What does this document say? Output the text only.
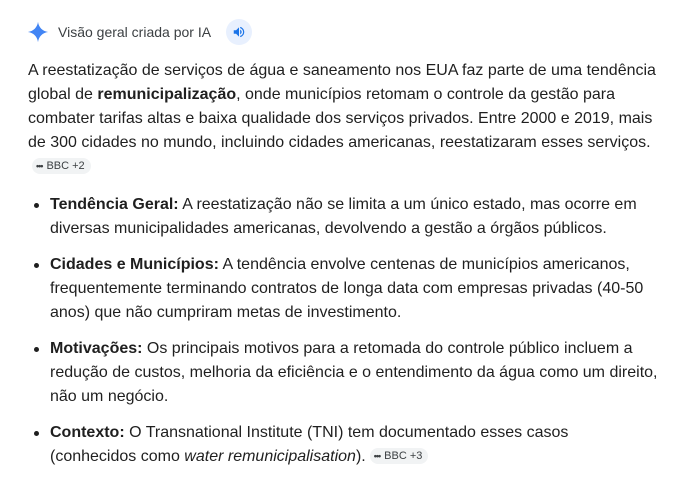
Visão geral criada por IA

A reestatização de serviços de água e saneamento nos EUA faz parte de uma tendência global de remunicipalização, onde municípios retomam o controle da gestão para combater tarifas altas e baixa qualidade dos serviços privados. Entre 2000 e 2019, mais de 300 cidades no mundo, incluindo cidades americanas, reestatizaram esses serviços.
••• BBC +2

Tendência Geral: A reestatização não se limita a um único estado, mas ocorre em diversas municipalidades americanas, devolvendo a gestão a órgãos públicos.
Cidades e Municípios: A tendência envolve centenas de municípios americanos, frequentemente terminando contratos de longa data com empresas privadas (40-50 anos) que não cumpriram metas de investimento.
Motivações: Os principais motivos para a retomada do controle público incluem a redução de custos, melhoria da eficiência e o entendimento da água como um direito, não um negócio.
Contexto: O Transnational Institute (TNI) tem documentado esses casos (conhecidos como water remunicipalisation). ••• BBC +3
